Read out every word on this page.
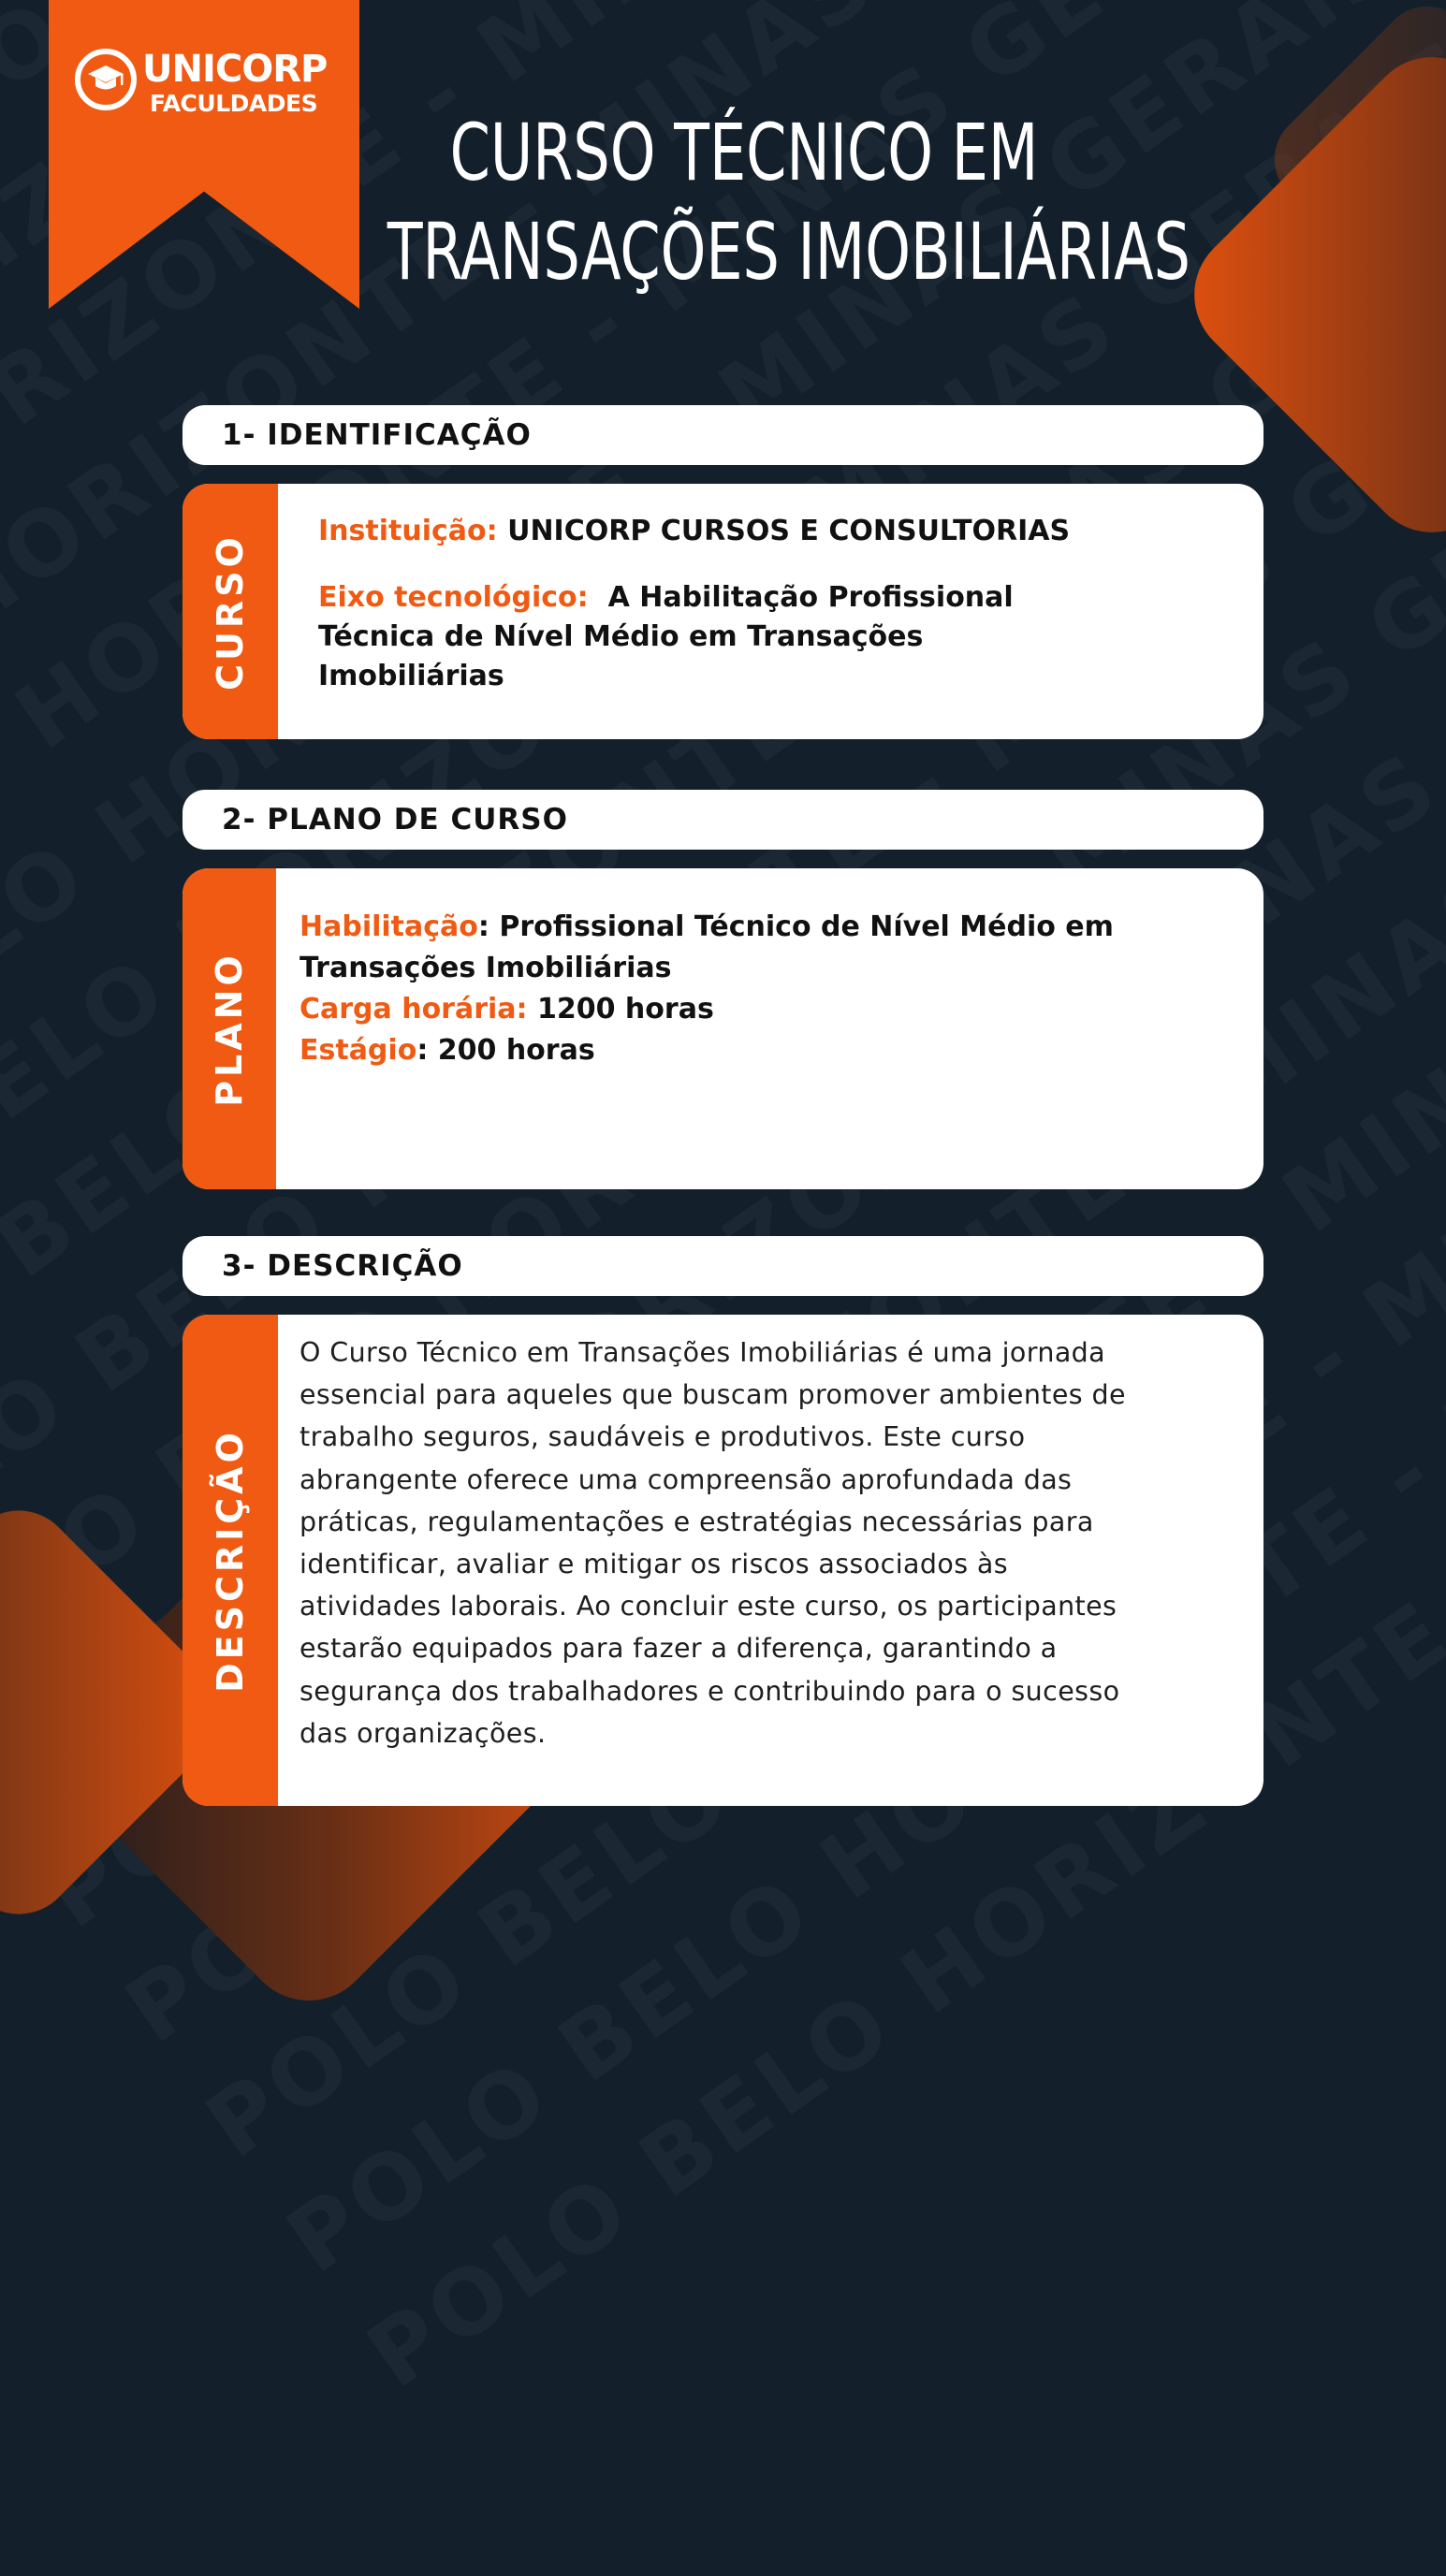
UNICORP
FACULDADES
CURSO TÉCNICO EM
TRANSAÇÕES IMOBILIÁRIAS
1- IDENTIFICAÇÃO
CURSO
Instituição: UNICORP CURSOS E CONSULTORIAS
Eixo tecnológico: A Habilitação Profissional
Técnica de Nível Médio em Transações
Imobiliárias
2- PLANO DE CURSO
PLANO
Habilitação: Profissional Técnico de Nível Médio em
Transações Imobiliárias
Carga horária: 1200 horas
Estágio: 200 horas
3- DESCRIÇÃO
DESCRIÇÃO
O Curso Técnico em Transações Imobiliárias é uma jornada
essencial para aqueles que buscam promover ambientes de
trabalho seguros, saudáveis e produtivos. Este curso
abrangente oferece uma compreensão aprofundada das
práticas, regulamentações e estratégias necessárias para
identificar, avaliar e mitigar os riscos associados às
atividades laborais. Ao concluir este curso, os participantes
estarão equipados para fazer a diferença, garantindo a
segurança dos trabalhadores e contribuindo para o sucesso
das organizações.
